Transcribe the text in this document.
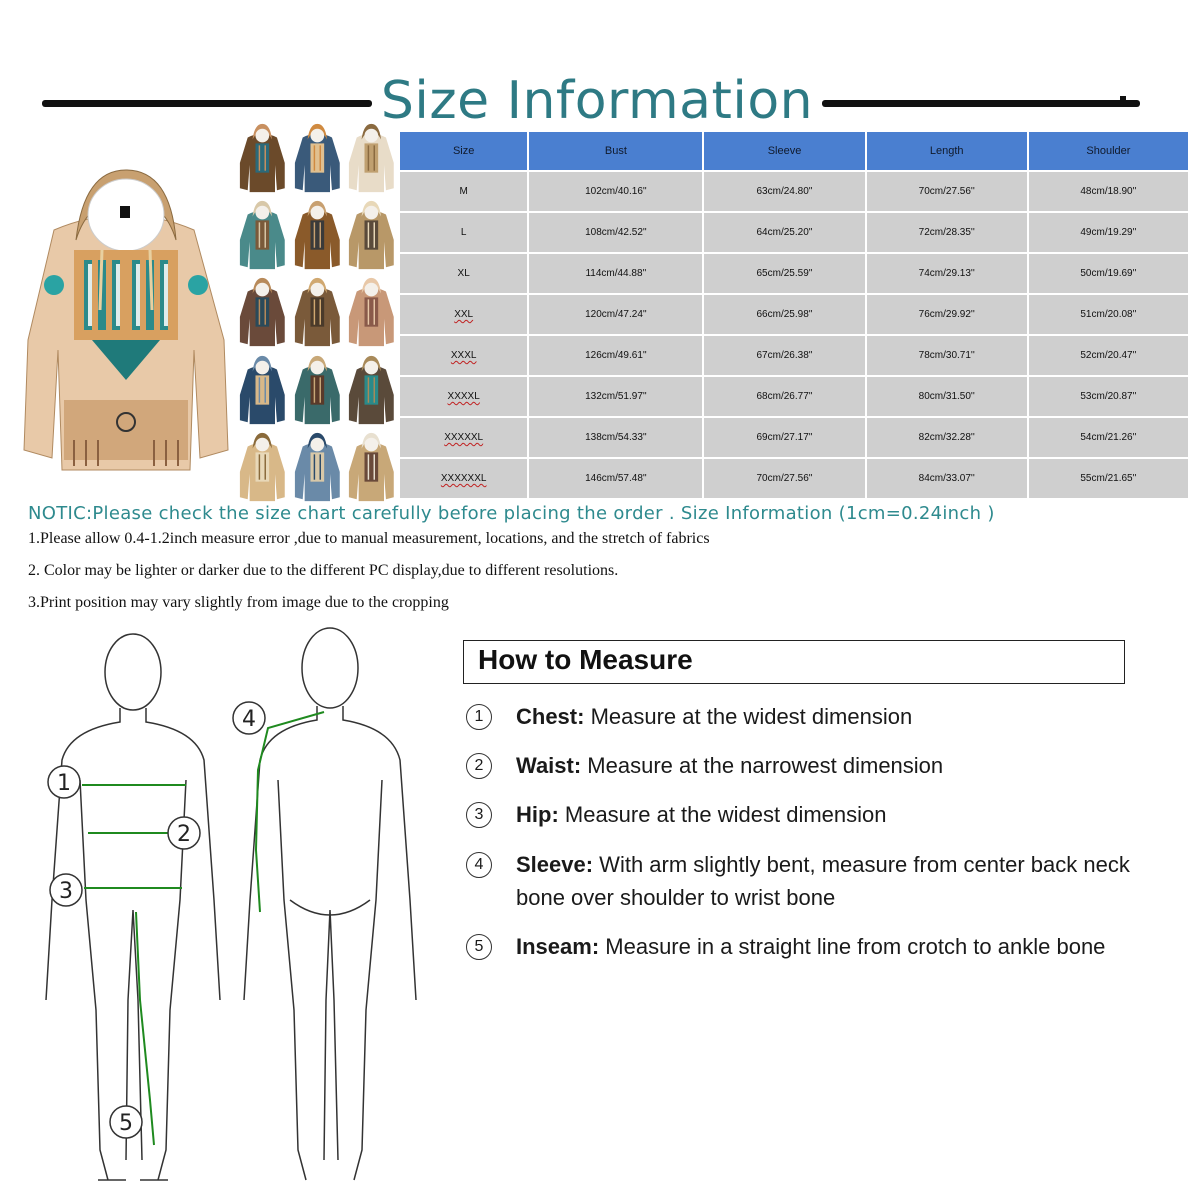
Size Information
Size	Bust	Sleeve	Length	Shoulder
M	102cm/40.16''	63cm/24.80''	70cm/27.56''	48cm/18.90''
L	108cm/42.52''	64cm/25.20''	72cm/28.35''	49cm/19.29''
XL	114cm/44.88''	65cm/25.59''	74cm/29.13''	50cm/19.69''
XXL	120cm/47.24''	66cm/25.98''	76cm/29.92''	51cm/20.08''
XXXL	126cm/49.61''	67cm/26.38''	78cm/30.71''	52cm/20.47''
XXXXL	132cm/51.97''	68cm/26.77''	80cm/31.50''	53cm/20.87''
XXXXXL	138cm/54.33''	69cm/27.17''	82cm/32.28''	54cm/21.26''
XXXXXXL	146cm/57.48''	70cm/27.56''	84cm/33.07''	55cm/21.65''
NOTIC:Please check the size chart carefully before placing the order . Size Information (1cm=0.24inch )
1.Please allow 0.4-1.2inch measure error ,due to manual measurement, locations, and the stretch of fabrics
2. Color may be lighter or darker due to the different PC display,due to different resolutions.
3.Print position may vary slightly from image due to the cropping
1
2
3
4
5
How to Measure
1	Chest: Measure at the widest dimension
2	Waist: Measure at the narrowest dimension
3	Hip: Measure at the widest dimension
4	Sleeve: With arm slightly bent, measure from center back neck bone over shoulder to wrist bone
5	Inseam: Measure in a straight line from crotch to ankle bone
